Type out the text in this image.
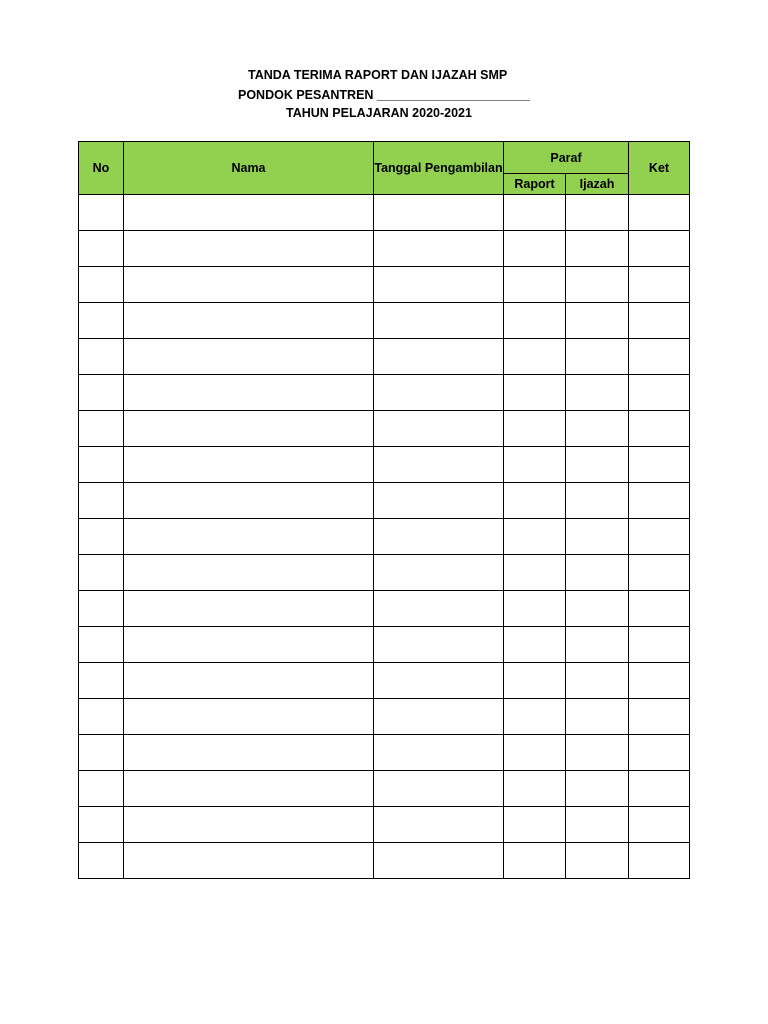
TANDA TERIMA RAPORT DAN IJAZAH SMP
PONDOK PESANTREN ______________________
TAHUN PELAJARAN 2020-2021
No	Nama	Tanggal Pengambilan	Paraf		Ket
			Raport	Ijazah	
